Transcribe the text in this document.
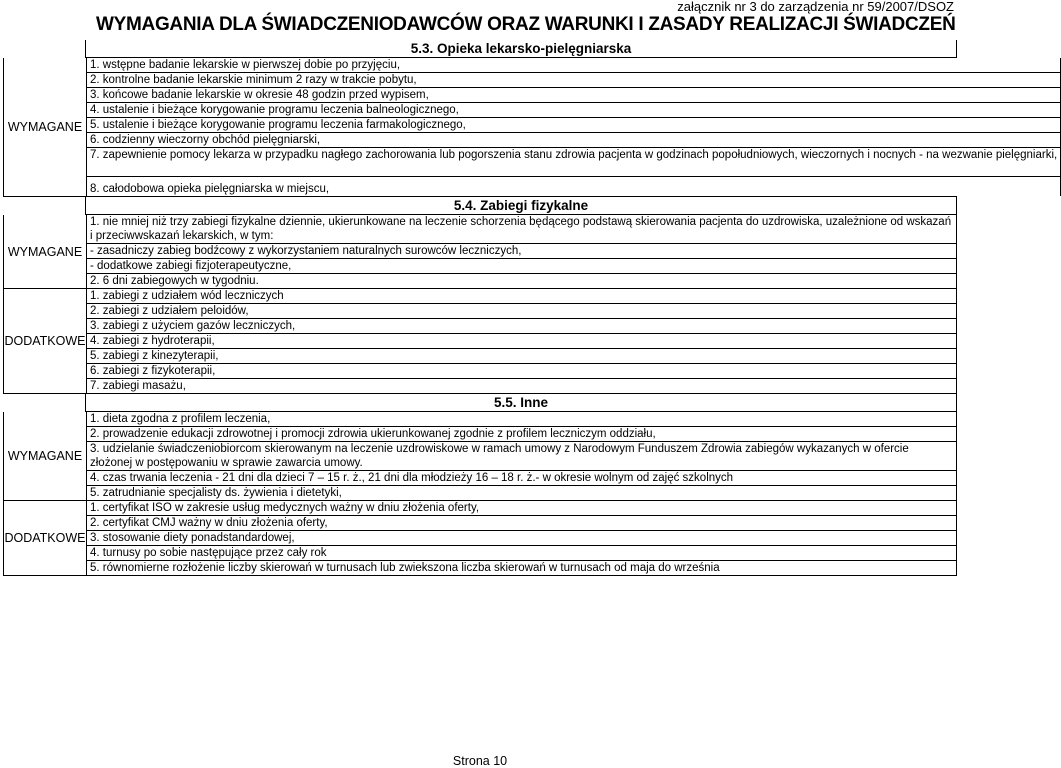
załącznik nr 3 do zarządzenia nr 59/2007/DSOZ
WYMAGANIA DLA ŚWIADCZENIODAWCÓW ORAZ WARUNKI I ZASADY REALIZACJI ŚWIADCZEŃ
5.3. Opieka lekarsko-pielęgniarska
WYMAGANE
1. wstępne badanie lekarskie w pierwszej dobie po przyjęciu,
2. kontrolne badanie lekarskie minimum 2 razy w trakcie pobytu,
3. końcowe badanie lekarskie w okresie 48 godzin przed wypisem,
4. ustalenie i bieżące korygowanie programu leczenia balneologicznego,
5. ustalenie i bieżące korygowanie programu leczenia farmakologicznego,
6. codzienny wieczorny obchód pielęgniarski,
7. zapewnienie pomocy lekarza w przypadku nagłego zachorowania lub pogorszenia stanu zdrowia pacjenta w godzinach popołudniowych, wieczornych i nocnych - na wezwanie pielęgniarki,
8. całodobowa opieka pielęgniarska w miejscu,
5.4. Zabiegi fizykalne
WYMAGANE
1. nie mniej niż trzy zabiegi fizykalne dziennie, ukierunkowane na leczenie schorzenia będącego podstawą skierowania pacjenta do uzdrowiska, uzależnione od wskazań i przeciwwskazań lekarskich, w tym:
- zasadniczy zabieg bodźcowy z wykorzystaniem naturalnych surowców leczniczych,
- dodatkowe zabiegi fizjoterapeutyczne,
2. 6 dni zabiegowych w tygodniu.
DODATKOWE
1. zabiegi z udziałem wód leczniczych
2. zabiegi z udziałem peloidów,
3. zabiegi z użyciem gazów leczniczych,
4. zabiegi z hydroterapii,
5. zabiegi z kinezyterapii,
6. zabiegi z fizykoterapii,
7. zabiegi masażu,
5.5. Inne
WYMAGANE
1. dieta zgodna z profilem leczenia,
2. prowadzenie edukacji zdrowotnej i promocji zdrowia ukierunkowanej zgodnie z profilem leczniczym oddziału,
3. udzielanie świadczeniobiorcom skierowanym na leczenie uzdrowiskowe w ramach umowy z Narodowym Funduszem Zdrowia zabiegów wykazanych w ofercie złożonej w postępowaniu w sprawie zawarcia umowy.
4. czas trwania leczenia - 21 dni dla dzieci 7 – 15 r. ż., 21 dni dla młodzieży 16 – 18 r. ż.- w okresie wolnym od zajęć szkolnych
5. zatrudnianie specjalisty ds. żywienia i dietetyki,
DODATKOWE
1. certyfikat ISO w zakresie usług medycznych ważny w dniu złożenia oferty,
2. certyfikat CMJ ważny w dniu złożenia oferty,
3. stosowanie diety ponadstandardowej,
4. turnusy po sobie następujące przez cały rok
5. równomierne rozłożenie liczby skierowań w turnusach lub zwiekszona liczba skierowań w turnusach od maja do września
Strona 10
